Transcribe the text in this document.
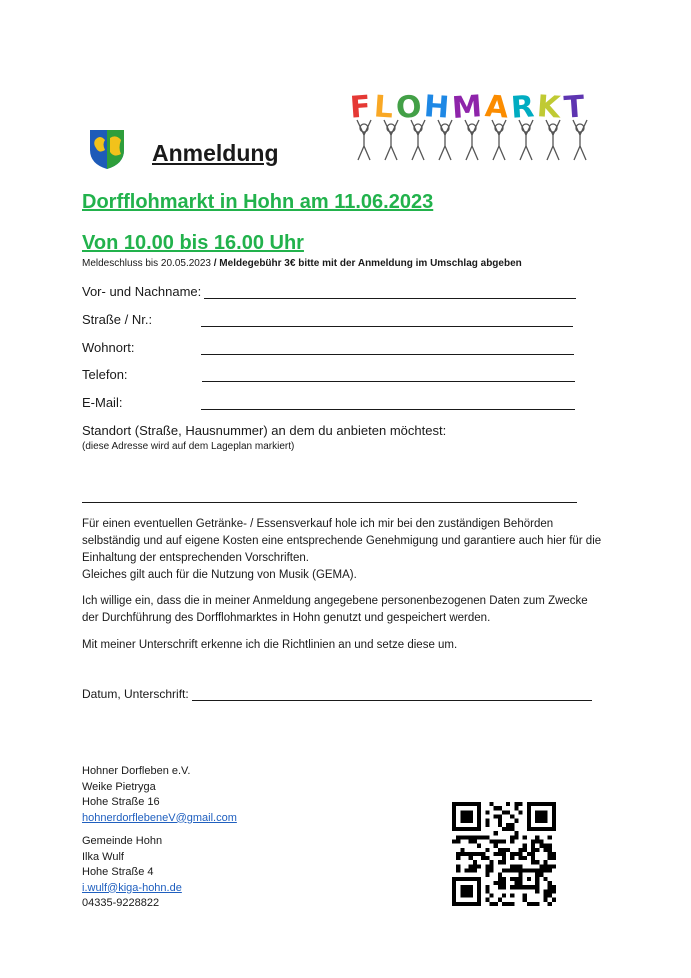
FLOHMARKT
Anmeldung
Dorfflohmarkt in Hohn am 11.06.2023
Von 10.00 bis 16.00 Uhr
Meldeschluss bis 20.05.2023 / Meldegebühr 3€ bitte mit der Anmeldung im Umschlag abgeben
Vor- und Nachname:
Straße / Nr.:
Wohnort:
Telefon:
E-Mail:
Standort (Straße, Hausnummer) an dem du anbieten möchtest:
(diese Adresse wird auf dem Lageplan markiert)

Für einen eventuellen Getränke- / Essensverkauf hole ich mir bei den zuständigen Behörden selbständig und auf eigene Kosten eine entsprechende Genehmigung und garantiere auch hier für die Einhaltung der entsprechenden Vorschriften.

Gleiches gilt auch für die Nutzung von Musik (GEMA).

Ich willige ein, dass die in meiner Anmeldung angegebene personenbezogenen Daten zum Zwecke der Durchführung des Dorfflohmarktes in Hohn genutzt und gespeichert werden.
Mit meiner Unterschrift erkenne ich die Richtlinien an und setze diese um.
Datum, Unterschrift:
Hohner Dorfleben e.V.
Weike Pietryga
Hohe Straße 16
hohnerdorflebeneV@gmail.com
Gemeinde Hohn
Ilka Wulf
Hohe Straße 4
i.wulf@kiga-hohn.de
04335-9228822
